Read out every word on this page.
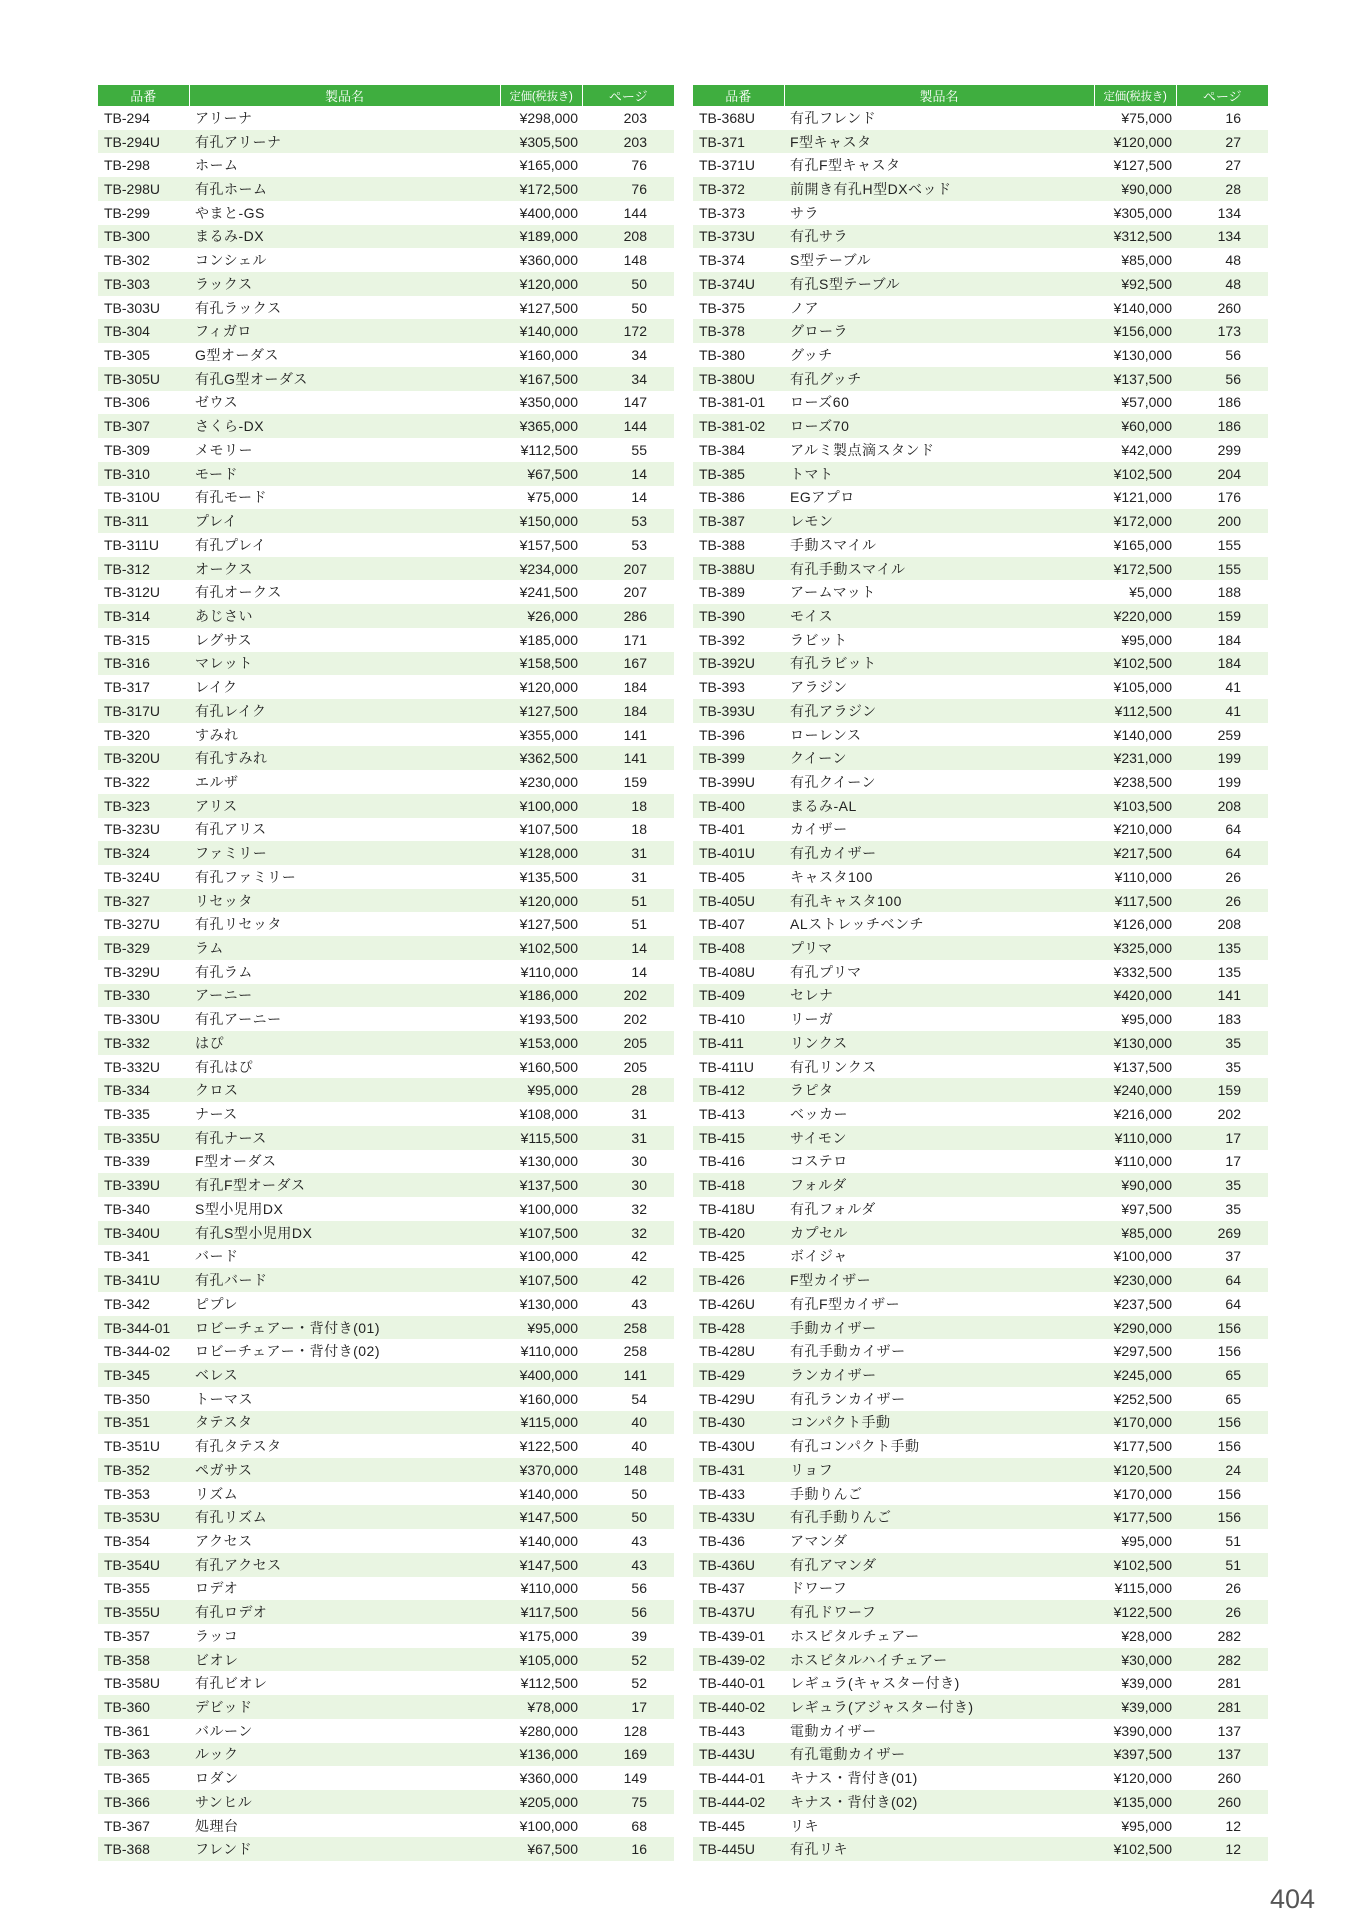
品番	製品名	定価(税抜き)	ページ
TB-294	アリーナ	¥298,000	203
TB-294U	有孔アリーナ	¥305,500	203
TB-298	ホーム	¥165,000	76
TB-298U	有孔ホーム	¥172,500	76
TB-299	やまと-GS	¥400,000	144
TB-300	まるみ-DX	¥189,000	208
TB-302	コンシェル	¥360,000	148
TB-303	ラックス	¥120,000	50
TB-303U	有孔ラックス	¥127,500	50
TB-304	フィガロ	¥140,000	172
TB-305	G型オーダス	¥160,000	34
TB-305U	有孔G型オーダス	¥167,500	34
TB-306	ゼウス	¥350,000	147
TB-307	さくら-DX	¥365,000	144
TB-309	メモリー	¥112,500	55
TB-310	モード	¥67,500	14
TB-310U	有孔モード	¥75,000	14
TB-311	プレイ	¥150,000	53
TB-311U	有孔プレイ	¥157,500	53
TB-312	オークス	¥234,000	207
TB-312U	有孔オークス	¥241,500	207
TB-314	あじさい	¥26,000	286
TB-315	レグサス	¥185,000	171
TB-316	マレット	¥158,500	167
TB-317	レイク	¥120,000	184
TB-317U	有孔レイク	¥127,500	184
TB-320	すみれ	¥355,000	141
TB-320U	有孔すみれ	¥362,500	141
TB-322	エルザ	¥230,000	159
TB-323	アリス	¥100,000	18
TB-323U	有孔アリス	¥107,500	18
TB-324	ファミリー	¥128,000	31
TB-324U	有孔ファミリー	¥135,500	31
TB-327	リセッタ	¥120,000	51
TB-327U	有孔リセッタ	¥127,500	51
TB-329	ラム	¥102,500	14
TB-329U	有孔ラム	¥110,000	14
TB-330	アーニー	¥186,000	202
TB-330U	有孔アーニー	¥193,500	202
TB-332	はぴ	¥153,000	205
TB-332U	有孔はぴ	¥160,500	205
TB-334	クロス	¥95,000	28
TB-335	ナース	¥108,000	31
TB-335U	有孔ナース	¥115,500	31
TB-339	F型オーダス	¥130,000	30
TB-339U	有孔F型オーダス	¥137,500	30
TB-340	S型小児用DX	¥100,000	32
TB-340U	有孔S型小児用DX	¥107,500	32
TB-341	バード	¥100,000	42
TB-341U	有孔バード	¥107,500	42
TB-342	ピプレ	¥130,000	43
TB-344-01	ロビーチェアー・背付き(01)	¥95,000	258
TB-344-02	ロビーチェアー・背付き(02)	¥110,000	258
TB-345	ベレス	¥400,000	141
TB-350	トーマス	¥160,000	54
TB-351	タテスタ	¥115,000	40
TB-351U	有孔タテスタ	¥122,500	40
TB-352	ペガサス	¥370,000	148
TB-353	リズム	¥140,000	50
TB-353U	有孔リズム	¥147,500	50
TB-354	アクセス	¥140,000	43
TB-354U	有孔アクセス	¥147,500	43
TB-355	ロデオ	¥110,000	56
TB-355U	有孔ロデオ	¥117,500	56
TB-357	ラッコ	¥175,000	39
TB-358	ビオレ	¥105,000	52
TB-358U	有孔ビオレ	¥112,500	52
TB-360	デビッド	¥78,000	17
TB-361	バルーン	¥280,000	128
TB-363	ルック	¥136,000	169
TB-365	ロダン	¥360,000	149
TB-366	サンヒル	¥205,000	75
TB-367	処理台	¥100,000	68
TB-368	フレンド	¥67,500	16
品番	製品名	定価(税抜き)	ページ
TB-368U	有孔フレンド	¥75,000	16
TB-371	F型キャスタ	¥120,000	27
TB-371U	有孔F型キャスタ	¥127,500	27
TB-372	前開き有孔H型DXベッド	¥90,000	28
TB-373	サラ	¥305,000	134
TB-373U	有孔サラ	¥312,500	134
TB-374	S型テーブル	¥85,000	48
TB-374U	有孔S型テーブル	¥92,500	48
TB-375	ノア	¥140,000	260
TB-378	グローラ	¥156,000	173
TB-380	グッチ	¥130,000	56
TB-380U	有孔グッチ	¥137,500	56
TB-381-01	ローズ60	¥57,000	186
TB-381-02	ローズ70	¥60,000	186
TB-384	アルミ製点滴スタンド	¥42,000	299
TB-385	トマト	¥102,500	204
TB-386	EGアプロ	¥121,000	176
TB-387	レモン	¥172,000	200
TB-388	手動スマイル	¥165,000	155
TB-388U	有孔手動スマイル	¥172,500	155
TB-389	アームマット	¥5,000	188
TB-390	モイス	¥220,000	159
TB-392	ラビット	¥95,000	184
TB-392U	有孔ラビット	¥102,500	184
TB-393	アラジン	¥105,000	41
TB-393U	有孔アラジン	¥112,500	41
TB-396	ローレンス	¥140,000	259
TB-399	クイーン	¥231,000	199
TB-399U	有孔クイーン	¥238,500	199
TB-400	まるみ-AL	¥103,500	208
TB-401	カイザー	¥210,000	64
TB-401U	有孔カイザー	¥217,500	64
TB-405	キャスタ100	¥110,000	26
TB-405U	有孔キャスタ100	¥117,500	26
TB-407	ALストレッチベンチ	¥126,000	208
TB-408	プリマ	¥325,000	135
TB-408U	有孔プリマ	¥332,500	135
TB-409	セレナ	¥420,000	141
TB-410	リーガ	¥95,000	183
TB-411	リンクス	¥130,000	35
TB-411U	有孔リンクス	¥137,500	35
TB-412	ラピタ	¥240,000	159
TB-413	ベッカー	¥216,000	202
TB-415	サイモン	¥110,000	17
TB-416	コステロ	¥110,000	17
TB-418	フォルダ	¥90,000	35
TB-418U	有孔フォルダ	¥97,500	35
TB-420	カプセル	¥85,000	269
TB-425	ボイジャ	¥100,000	37
TB-426	F型カイザー	¥230,000	64
TB-426U	有孔F型カイザー	¥237,500	64
TB-428	手動カイザー	¥290,000	156
TB-428U	有孔手動カイザー	¥297,500	156
TB-429	ランカイザー	¥245,000	65
TB-429U	有孔ランカイザー	¥252,500	65
TB-430	コンパクト手動	¥170,000	156
TB-430U	有孔コンパクト手動	¥177,500	156
TB-431	リョフ	¥120,500	24
TB-433	手動りんご	¥170,000	156
TB-433U	有孔手動りんご	¥177,500	156
TB-436	アマンダ	¥95,000	51
TB-436U	有孔アマンダ	¥102,500	51
TB-437	ドワーフ	¥115,000	26
TB-437U	有孔ドワーフ	¥122,500	26
TB-439-01	ホスピタルチェアー	¥28,000	282
TB-439-02	ホスピタルハイチェアー	¥30,000	282
TB-440-01	レギュラ(キャスター付き)	¥39,000	281
TB-440-02	レギュラ(アジャスター付き)	¥39,000	281
TB-443	電動カイザー	¥390,000	137
TB-443U	有孔電動カイザー	¥397,500	137
TB-444-01	キナス・背付き(01)	¥120,000	260
TB-444-02	キナス・背付き(02)	¥135,000	260
TB-445	リキ	¥95,000	12
TB-445U	有孔リキ	¥102,500	12
404
